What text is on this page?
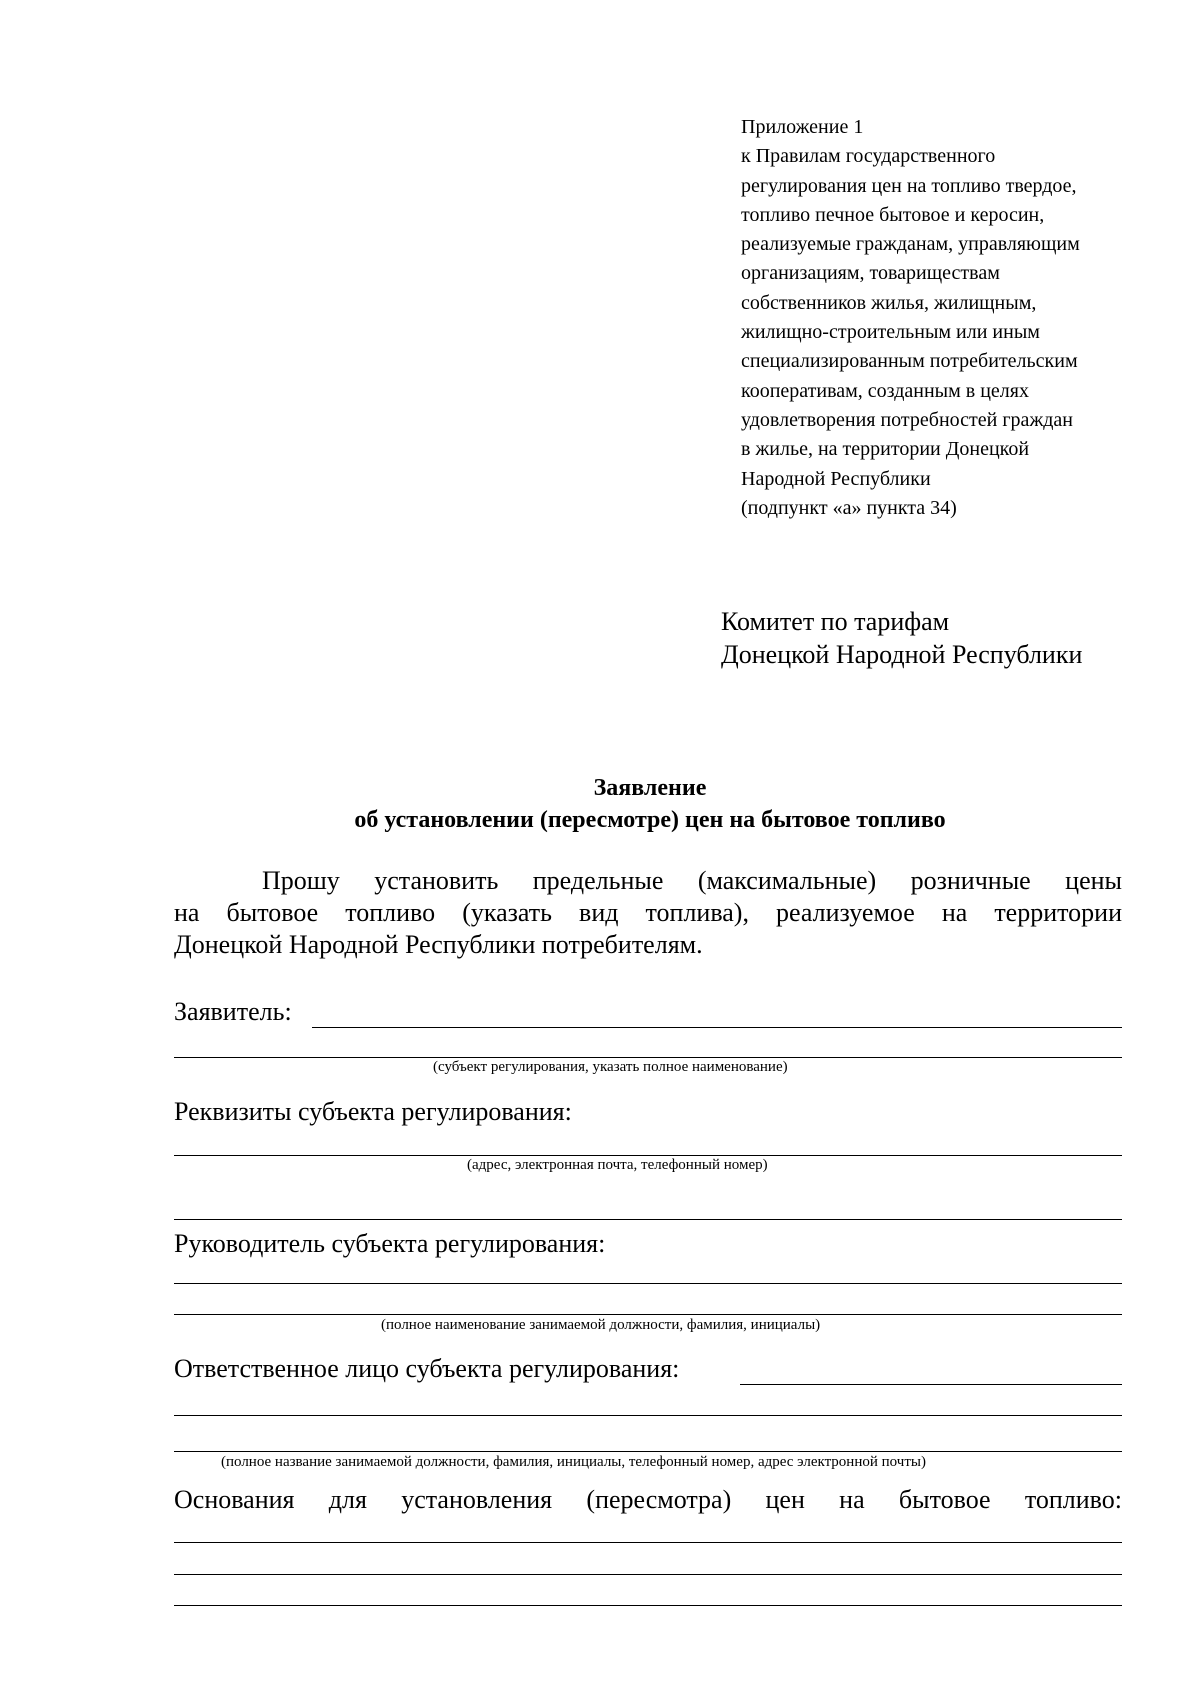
Приложение 1
к Правилам государственного
регулирования цен на топливо твердое,
топливо печное бытовое и керосин,
реализуемые гражданам, управляющим
организациям, товариществам
собственников жилья, жилищным,
жилищно-строительным или иным
специализированным потребительским
кооперативам, созданным в целях
удовлетворения потребностей граждан
в жилье, на территории Донецкой
Народной Республики
(подпункт «а» пункта 34)
Комитет по тарифам
Донецкой Народной Республики
Заявление
об установлении (пересмотре) цен на бытовое топливо
Прошу установить предельные (максимальные) розничные цены
на бытовое топливо (указать вид топлива), реализуемое на территории
Донецкой Народной Республики потребителям.
Заявитель:
(субъект регулирования, указать полное наименование)
Реквизиты субъекта регулирования:
(адрес, электронная почта, телефонный номер)
Руководитель субъекта регулирования:
(полное наименование занимаемой должности, фамилия, инициалы)
Ответственное лицо субъекта регулирования:
(полное название занимаемой должности, фамилия, инициалы, телефонный номер, адрес электронной почты)
Основания для установления (пересмотра) цен на бытовое топливо:
